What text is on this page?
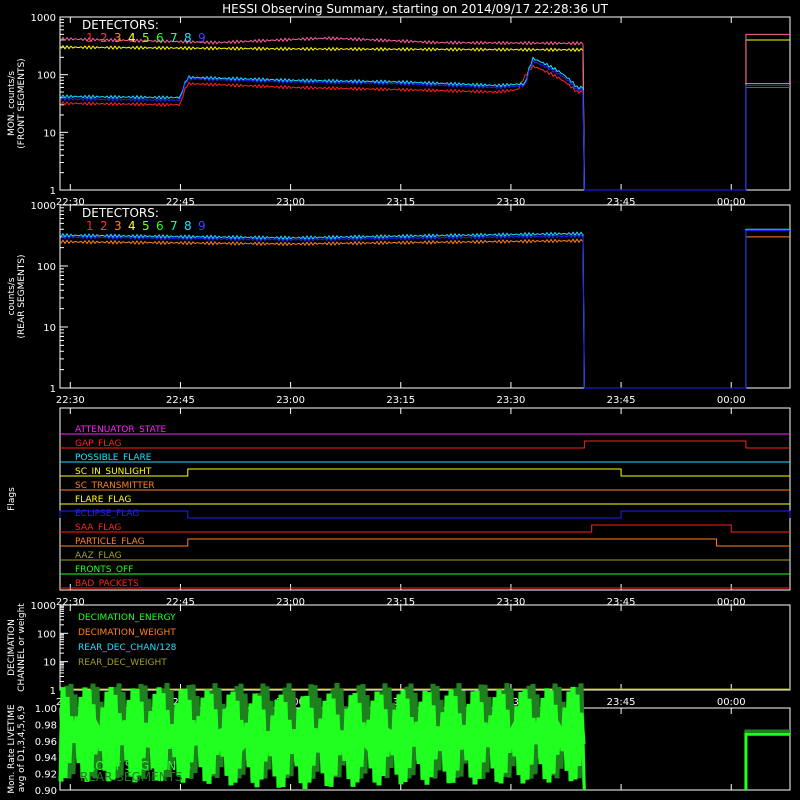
HESSI Observing Summary, starting on 2014/09/17 22:28:36 UT
22:30	22:45	23:00	23:15	23:30	23:45	00:00
1
10
100
1000
MON. counts/s (FRONT SEGMENTS)
DETECTORS:
1 2 3 4 5 6 7 8 9
22:30	22:45	23:00	23:15	23:30	23:45	00:00
1
10
100
1000
counts/s (REAR SEGMENTS)
DETECTORS:
1 2 3 4 5 6 7 8 9
22:30	22:45	23:00	23:15	23:30	23:45	00:00
Flags
ATTENUATOR_STATE
GAP_FLAG
POSSIBLE_FLARE
SC_IN_SUNLIGHT
SC_TRANSMITTER
FLARE_FLAG
ECLIPSE_FLAG
SAA_FLAG
PARTICLE_FLAG
AAZ_FLAG
FRONTS_OFF
BAD_PACKETS
22:30	22:45	23:00	23:15	23:30	23:45	00:00
1
10
100
1000
DECIMATION CHANNEL or weight	DECIMATION_ENERGY
DECIMATION_WEIGHT
REAR_DEC_CHAN/128
REAR_DEC_WEIGHT
Mon. Rate LIVETIME avg of D1,3,4,5,6,9 0.90
0.92
0.94
0.96
0.98
1.00
FRONT SEGMENTS
REAR SEGMENTS
